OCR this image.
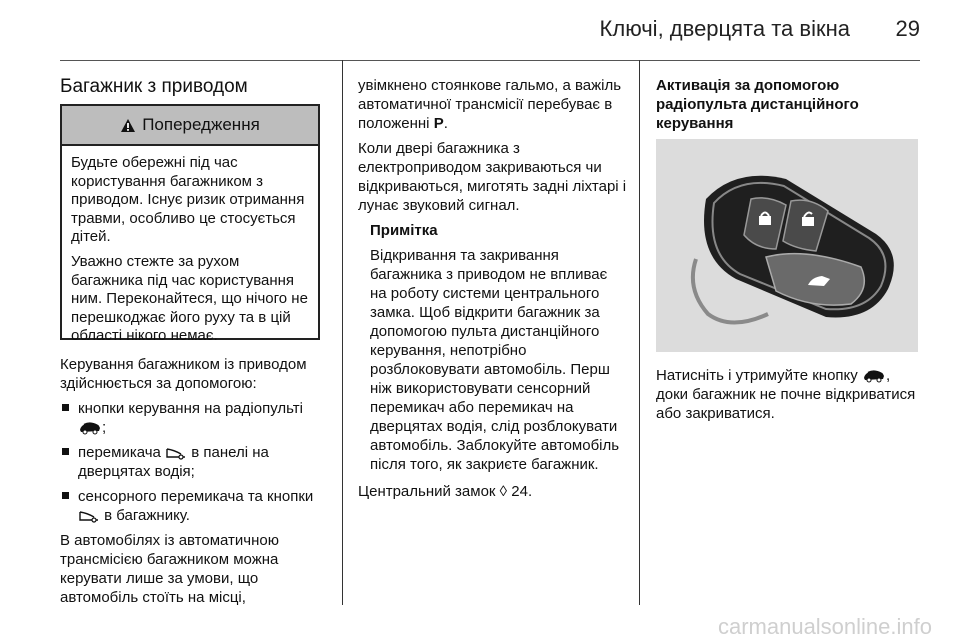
Ключі, дверцята та вікна 29
Багажник з приводом
Попередження

Будьте обережні під час користування багажником з приводом. Існує ризик отримання травми, особливо це стосується дітей.

Уважно стежте за рухом багажника під час користування ним. Переконайтеся, що нічого не перешкоджає його руху та в цій області нікого немає.

Керування багажником із приводом здійснюється за допомогою:

кнопки керування на радіопульті
;
перемикача в панелі на дверцятах водія;
сенсорного перемикача та кнопки  в багажнику.

В автомобілях із автоматичною трансмісією багажником можна керувати лише за умови, що автомобіль стоїть на місці,

увімкнено стоянкове гальмо, а важіль автоматичної трансмісії перебуває в положенні P.

Коли двері багажника з електроприводом закриваються чи відкриваються, миготять задні ліхтарі і лунає звуковий сигнал.

Примітка

Відкривання та закривання багажника з приводом не впливає на роботу системи центрального замка. Щоб відкрити багажник за допомогою пульта дистанційного керування, непотрібно розблоковувати автомобіль. Перш ніж використовувати сенсорний перемикач або перемикач на дверцятах водія, слід розблокувати автомобіль. Заблокуйте автомобіль після того, як закриєте багажник.

Центральний замок ◊ 24.

Активація за допомогою радіопульта дистанційного керування

Натисніть і утримуйте кнопку , доки багажник не почне відкриватися або закриватися.

carmanualsonline.info
